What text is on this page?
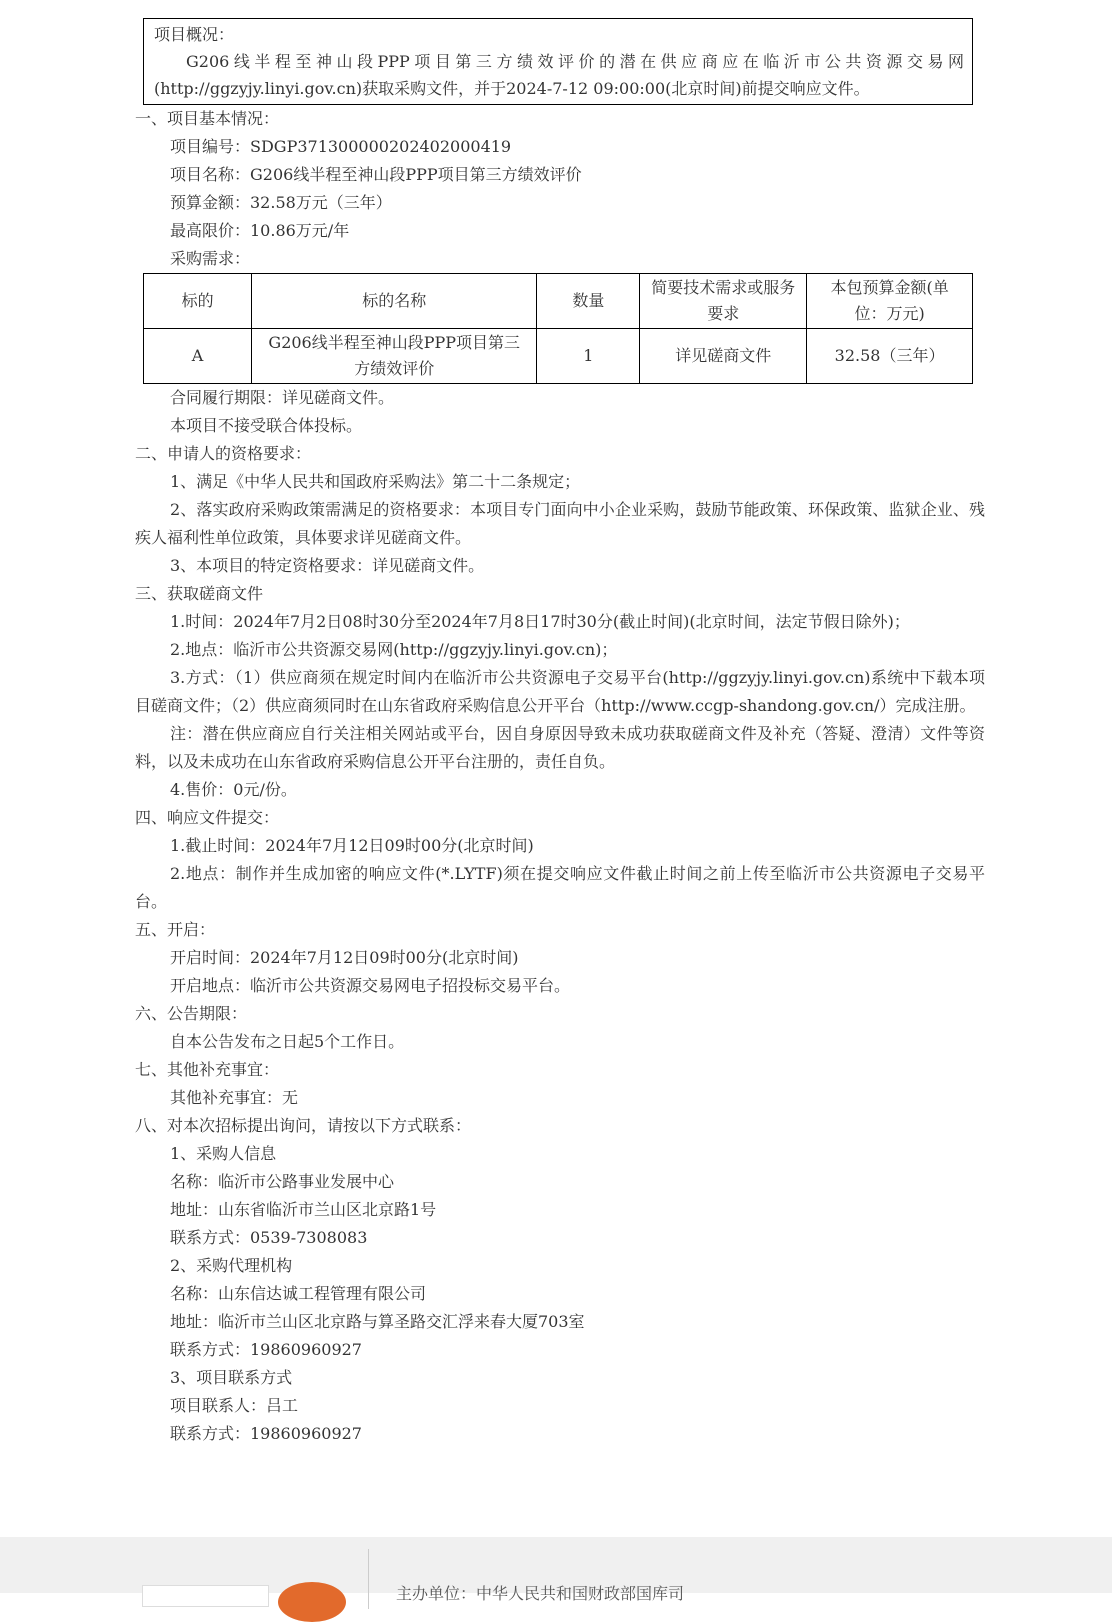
项目概况：
G206线半程至神山段PPP项目第三方绩效评价的潜在供应商应在临沂市公共资源交易网(http://ggzyjy.linyi.gov.cn)获取采购文件，并于2024-7-12 09:00:00(北京时间)前提交响应文件。
一、项目基本情况：
项目编号：SDGP371300000202402000419
项目名称：G206线半程至神山段PPP项目第三方绩效评价
预算金额：32.58万元（三年）
最高限价：10.86万元/年
采购需求：
标的	标的名称	数量	简要技术需求或服务要求	本包预算金额(单位：万元)
A	G206线半程至神山段PPP项目第三方绩效评价	1	详见磋商文件	32.58（三年）
合同履行期限：详见磋商文件。
本项目不接受联合体投标。
二、申请人的资格要求：
1、满足《中华人民共和国政府采购法》第二十二条规定；
2、落实政府采购政策需满足的资格要求：本项目专门面向中小企业采购，鼓励节能政策、环保政策、监狱企业、残疾人福利性单位政策，具体要求详见磋商文件。
3、本项目的特定资格要求：详见磋商文件。
三、获取磋商文件
1.时间：2024年7月2日08时30分至2024年7月8日17时30分(截止时间)(北京时间，法定节假日除外)；
2.地点：临沂市公共资源交易网(http://ggzyjy.linyi.gov.cn)；
3.方式：（1）供应商须在规定时间内在临沂市公共资源电子交易平台(http://ggzyjy.linyi.gov.cn)系统中下载本项目磋商文件；（2）供应商须同时在山东省政府采购信息公开平台（http://www.ccgp-shandong.gov.cn/）完成注册。
注：潜在供应商应自行关注相关网站或平台，因自身原因导致未成功获取磋商文件及补充（答疑、澄清）文件等资料，以及未成功在山东省政府采购信息公开平台注册的，责任自负。
4.售价：0元/份。
四、响应文件提交：
1.截止时间：2024年7月12日09时00分(北京时间)
2.地点：制作并生成加密的响应文件(*.LYTF)须在提交响应文件截止时间之前上传至临沂市公共资源电子交易平台。
五、开启：
开启时间：2024年7月12日09时00分(北京时间)
开启地点：临沂市公共资源交易网电子招投标交易平台。
六、公告期限：
自本公告发布之日起5个工作日。
七、其他补充事宜：
其他补充事宜：无
八、对本次招标提出询问，请按以下方式联系：
1、采购人信息
名称：临沂市公路事业发展中心
地址：山东省临沂市兰山区北京路1号
联系方式：0539-7308083
2、采购代理机构
名称：山东信达诚工程管理有限公司
地址：临沂市兰山区北京路与算圣路交汇浮来春大厦703室
联系方式：19860960927
3、项目联系方式
项目联系人：吕工
联系方式：19860960927
主办单位：中华人民共和国财政部国库司
